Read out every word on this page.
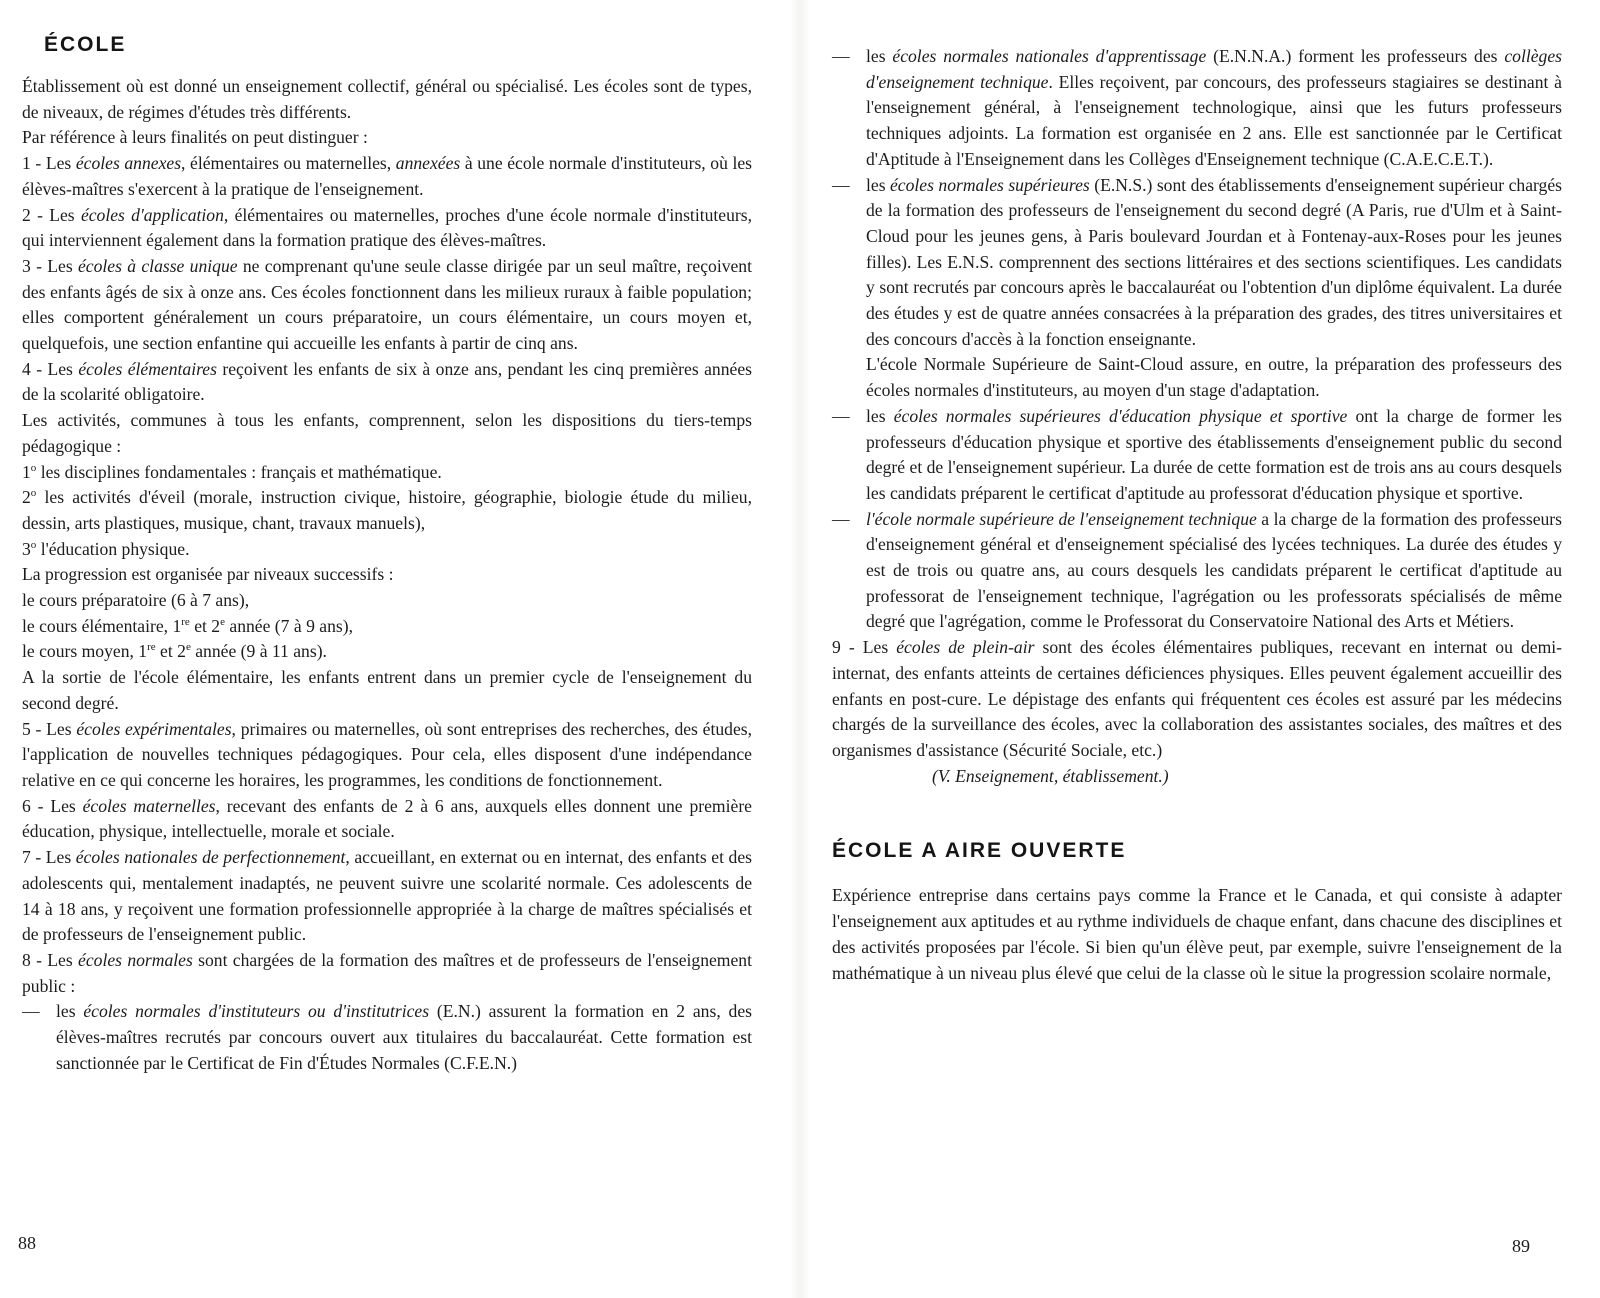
ÉCOLE

Établissement où est donné un enseignement collectif, général ou spécialisé. Les écoles sont de types, de niveaux, de régimes d'études très différents.

Par référence à leurs finalités on peut distinguer :

1 - Les écoles annexes, élémentaires ou maternelles, annexées à une école normale d'instituteurs, où les élèves-maîtres s'exercent à la pratique de l'enseignement.

2 - Les écoles d'application, élémentaires ou maternelles, proches d'une école normale d'instituteurs, qui interviennent également dans la formation pratique des élèves-maîtres.

3 - Les écoles à classe unique ne comprenant qu'une seule classe dirigée par un seul maître, reçoivent des enfants âgés de six à onze ans. Ces écoles fonctionnent dans les milieux ruraux à faible population; elles comportent généralement un cours préparatoire, un cours élémentaire, un cours moyen et, quelquefois, une section enfantine qui accueille les enfants à partir de cinq ans.

4 - Les écoles élémentaires reçoivent les enfants de six à onze ans, pendant les cinq premières années de la scolarité obligatoire.

Les activités, communes à tous les enfants, comprennent, selon les dispositions du tiers-temps pédagogique :

1$^o$ les disciplines fondamentales : français et mathématique.

2$^o$ les activités d'éveil (morale, instruction civique, histoire, géographie, biologie étude du milieu, dessin, arts plastiques, musique, chant, travaux manuels),

3$^o$ l'éducation physique.

La progression est organisée par niveaux successifs :

le cours préparatoire (6 à 7 ans),

le cours élémentaire, 1re et 2e année (7 à 9 ans),

le cours moyen, 1re et 2e année (9 à 11 ans).

A la sortie de l'école élémentaire, les enfants entrent dans un premier cycle de l'enseignement du second degré.

5 - Les écoles expérimentales, primaires ou maternelles, où sont entreprises des recherches, des études, l'application de nouvelles techniques pédagogiques. Pour cela, elles disposent d'une indépendance relative en ce qui concerne les horaires, les programmes, les conditions de fonctionnement.

6 - Les écoles maternelles, recevant des enfants de 2 à 6 ans, auxquels elles donnent une première éducation, physique, intellectuelle, morale et sociale.

7 - Les écoles nationales de perfectionnement, accueillant, en externat ou en internat, des enfants et des adolescents qui, mentalement inadaptés, ne peuvent suivre une scolarité normale. Ces adolescents de 14 à 18 ans, y reçoivent une formation professionnelle appropriée à la charge de maîtres spécialisés et de professeurs de l'enseignement public.

8 - Les écoles normales sont chargées de la formation des maîtres et de professeurs de l'enseignement public :

— les écoles normales d'instituteurs ou d'institutrices (E.N.) assurent la formation en 2 ans, des élèves-maîtres recrutés par concours ouvert aux titulaires du baccalauréat. Cette formation est sanctionnée par le Certificat de Fin d'Études Normales (C.F.E.N.)
88
— les écoles normales nationales d'apprentissage (E.N.N.A.) forment les professeurs des collèges d'enseignement technique. Elles reçoivent, par concours, des professeurs stagiaires se destinant à l'enseignement général, à l'enseignement technologique, ainsi que les futurs professeurs techniques adjoints. La formation est organisée en 2 ans. Elle est sanctionnée par le Certificat d'Aptitude à l'Enseignement dans les Collèges d'Enseignement technique (C.A.E.C.E.T.).
— les écoles normales supérieures (E.N.S.) sont des établissements d'enseignement supérieur chargés de la formation des professeurs de l'enseignement du second degré (A Paris, rue d'Ulm et à Saint-Cloud pour les jeunes gens, à Paris boulevard Jourdan et à Fontenay-aux-Roses pour les jeunes filles). Les E.N.S. comprennent des sections littéraires et des sections scientifiques. Les candidats y sont recrutés par concours après le baccalauréat ou l'obtention d'un diplôme équivalent. La durée des études y est de quatre années consacrées à la préparation des grades, des titres universitaires et des concours d'accès à la fonction enseignante.
L'école Normale Supérieure de Saint-Cloud assure, en outre, la préparation des professeurs des écoles normales d'instituteurs, au moyen d'un stage d'adaptation.
— les écoles normales supérieures d'éducation physique et sportive ont la charge de former les professeurs d'éducation physique et sportive des établissements d'enseignement public du second degré et de l'enseignement supérieur. La durée de cette formation est de trois ans au cours desquels les candidats préparent le certificat d'aptitude au professorat d'éducation physique et sportive.
— l'école normale supérieure de l'enseignement technique a la charge de la formation des professeurs d'enseignement général et d'enseignement spécialisé des lycées techniques. La durée des études y est de trois ou quatre ans, au cours desquels les candidats préparent le certificat d'aptitude au professorat de l'enseignement technique, l'agrégation ou les professorats spécialisés de même degré que l'agrégation, comme le Professorat du Conservatoire National des Arts et Métiers.

9 - Les écoles de plein-air sont des écoles élémentaires publiques, recevant en internat ou demi-internat, des enfants atteints de certaines déficiences physiques. Elles peuvent également accueillir des enfants en post-cure. Le dépistage des enfants qui fréquentent ces écoles est assuré par les médecins chargés de la surveillance des écoles, avec la collaboration des assistantes sociales, des maîtres et des organismes d'assistance (Sécurité Sociale, etc.)

(V. Enseignement, établissement.)

ÉCOLE A AIRE OUVERTE

Expérience entreprise dans certains pays comme la France et le Canada, et qui consiste à adapter l'enseignement aux aptitudes et au rythme individuels de chaque enfant, dans chacune des disciplines et des activités proposées par l'école. Si bien qu'un élève peut, par exemple, suivre l'enseignement de la mathématique à un niveau plus élevé que celui de la classe où le situe la progression scolaire normale,

89
